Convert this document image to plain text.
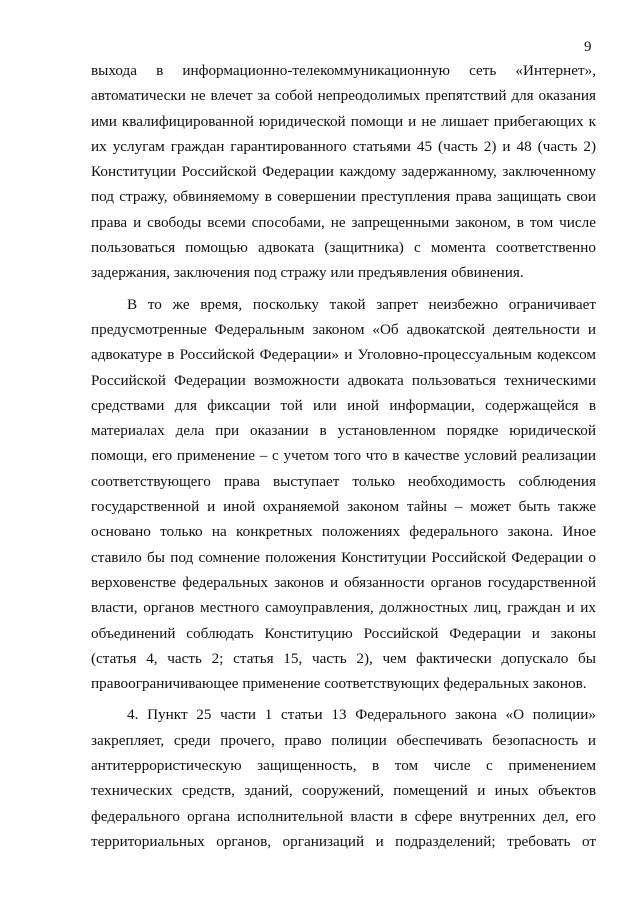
9
выхода в информационно-телекоммуникационную сеть «Интернет»,
автоматически не влечет за собой непреодолимых препятствий для оказания
ими квалифицированной юридической помощи и не лишает прибегающих к
их услугам граждан гарантированного статьями 45 (часть 2) и 48 (часть 2)
Конституции Российской Федерации каждому задержанному, заключенному
под стражу, обвиняемому в совершении преступления права защищать свои
права и свободы всеми способами, не запрещенными законом, в том числе
пользоваться помощью адвоката (защитника) с момента соответственно
задержания, заключения под стражу или предъявления обвинения.
В то же время, поскольку такой запрет неизбежно ограничивает
предусмотренные Федеральным законом «Об адвокатской деятельности и
адвокатуре в Российской Федерации» и Уголовно-процессуальным кодексом
Российской Федерации возможности адвоката пользоваться техническими
средствами для фиксации той или иной информации, содержащейся в
материалах дела при оказании в установленном порядке юридической
помощи, его применение – с учетом того что в качестве условий реализации
соответствующего права выступает только необходимость соблюдения
государственной и иной охраняемой законом тайны – может быть также
основано только на конкретных положениях федерального закона. Иное
ставило бы под сомнение положения Конституции Российской Федерации о
верховенстве федеральных законов и обязанности органов государственной
власти, органов местного самоуправления, должностных лиц, граждан и их
объединений соблюдать Конституцию Российской Федерации и законы
(статья 4, часть 2; статья 15, часть 2), чем фактически допускало бы
правоограничивающее применение соответствующих федеральных законов.
4. Пункт 25 части 1 статьи 13 Федерального закона «О полиции»
закрепляет, среди прочего, право полиции обеспечивать безопасность и
антитеррористическую защищенность, в том числе с применением
технических средств, зданий, сооружений, помещений и иных объектов
федерального органа исполнительной власти в сфере внутренних дел, его
территориальных органов, организаций и подразделений; требовать от
